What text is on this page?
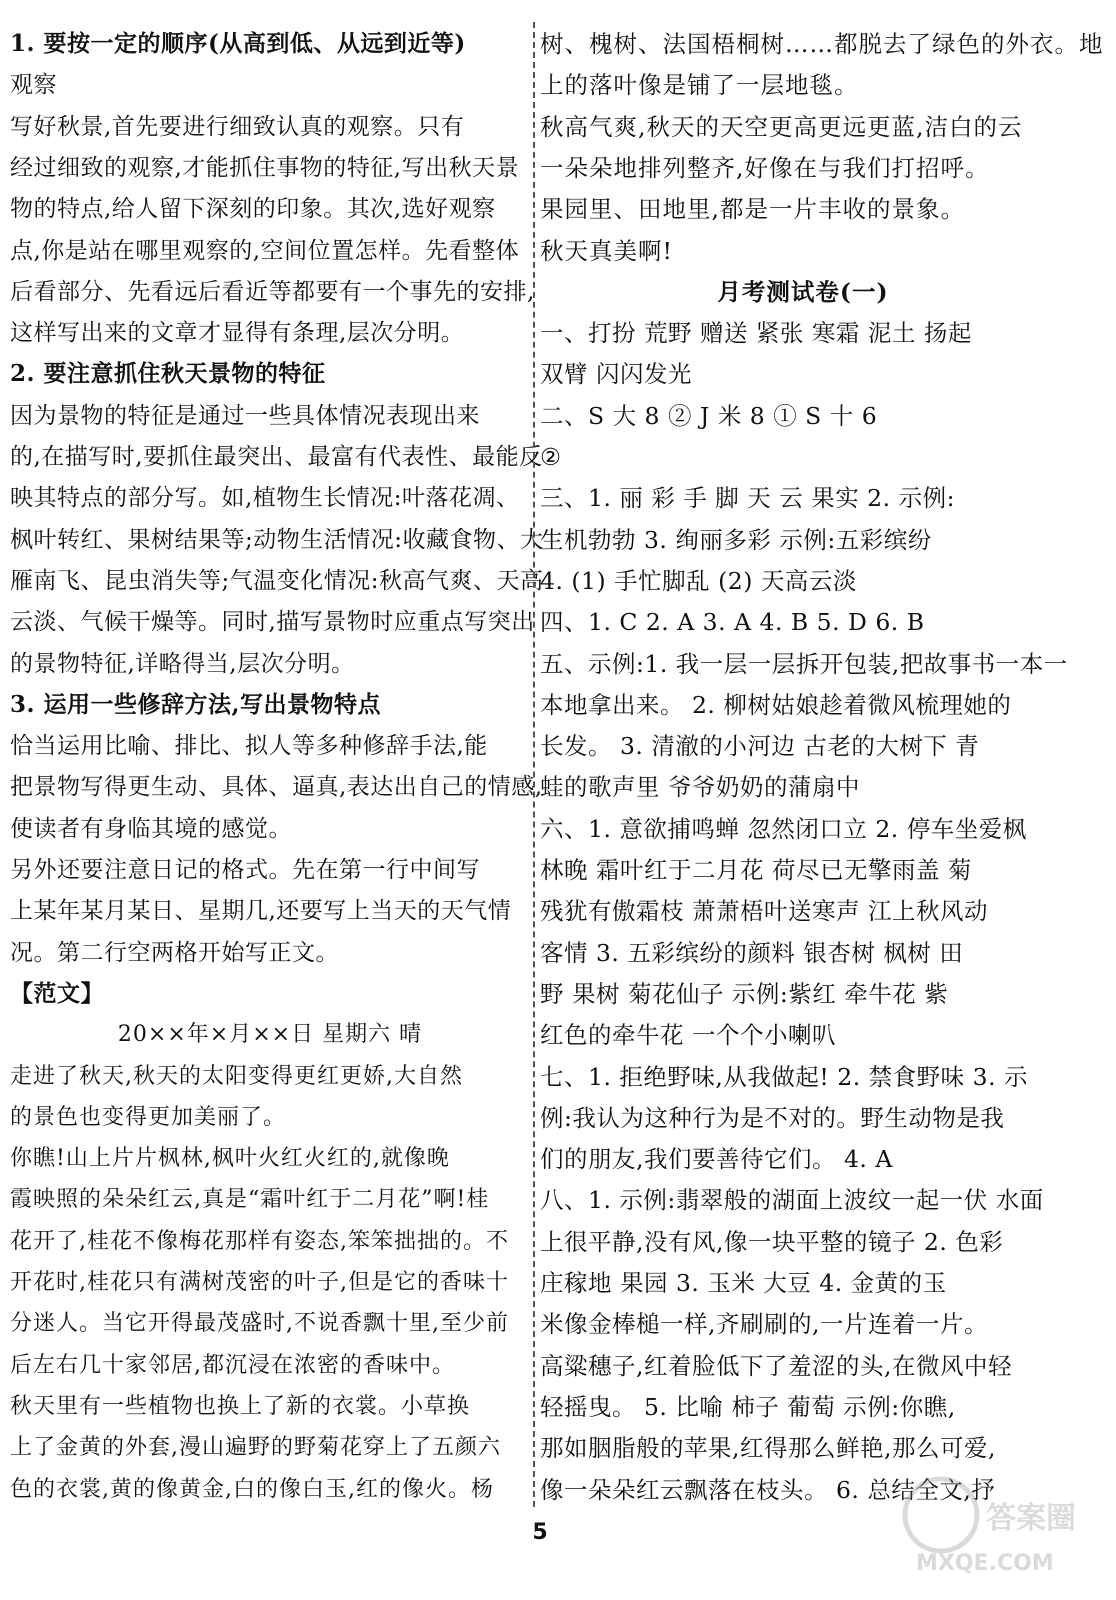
1. 要按一定的顺序(从高到低、从远到近等)
观察
写好秋景,首先要进行细致认真的观察。只有
经过细致的观察,才能抓住事物的特征,写出秋天景
物的特点,给人留下深刻的印象。其次,选好观察
点,你是站在哪里观察的,空间位置怎样。先看整体
后看部分、先看远后看近等都要有一个事先的安排,
这样写出来的文章才显得有条理,层次分明。
2. 要注意抓住秋天景物的特征
因为景物的特征是通过一些具体情况表现出来
的,在描写时,要抓住最突出、最富有代表性、最能反
映其特点的部分写。如,植物生长情况:叶落花凋、
枫叶转红、果树结果等;动物生活情况:收藏食物、大
雁南飞、昆虫消失等;气温变化情况:秋高气爽、天高
云淡、气候干燥等。同时,描写景物时应重点写突出
的景物特征,详略得当,层次分明。
3. 运用一些修辞方法,写出景物特点
恰当运用比喻、排比、拟人等多种修辞手法,能
把景物写得更生动、具体、逼真,表达出自己的情感,
使读者有身临其境的感觉。
另外还要注意日记的格式。先在第一行中间写
上某年某月某日、星期几,还要写上当天的天气情
况。第二行空两格开始写正文。
【范文】
20××年×月××日 星期六 晴
走进了秋天,秋天的太阳变得更红更娇,大自然
的景色也变得更加美丽了。
你瞧!山上片片枫林,枫叶火红火红的,就像晚
霞映照的朵朵红云,真是“霜叶红于二月花”啊!桂
花开了,桂花不像梅花那样有姿态,笨笨拙拙的。不
开花时,桂花只有满树茂密的叶子,但是它的香味十
分迷人。当它开得最茂盛时,不说香飘十里,至少前
后左右几十家邻居,都沉浸在浓密的香味中。
秋天里有一些植物也换上了新的衣裳。小草换
上了金黄的外套,漫山遍野的野菊花穿上了五颜六
色的衣裳,黄的像黄金,白的像白玉,红的像火。杨
树、槐树、法国梧桐树……都脱去了绿色的外衣。地
上的落叶像是铺了一层地毯。
秋高气爽,秋天的天空更高更远更蓝,洁白的云
一朵朵地排列整齐,好像在与我们打招呼。
果园里、田地里,都是一片丰收的景象。
秋天真美啊!
月考测试卷(一)
一、打扮 荒野 赠送 紧张 寒霜 泥土 扬起
双臂 闪闪发光
二、S 大 8 ② J 米 8 ① S 十 6
②
三、1. 丽 彩 手 脚 天 云 果实 2. 示例:
生机勃勃 3. 绚丽多彩 示例:五彩缤纷
4. (1) 手忙脚乱 (2) 天高云淡
四、1. C 2. A 3. A 4. B 5. D 6. B
五、示例:1. 我一层一层拆开包装,把故事书一本一
本地拿出来。 2. 柳树姑娘趁着微风梳理她的
长发。 3. 清澈的小河边 古老的大树下 青
蛙的歌声里 爷爷奶奶的蒲扇中
六、1. 意欲捕鸣蝉 忽然闭口立 2. 停车坐爱枫
林晚 霜叶红于二月花 荷尽已无擎雨盖 菊
残犹有傲霜枝 萧萧梧叶送寒声 江上秋风动
客情 3. 五彩缤纷的颜料 银杏树 枫树 田
野 果树 菊花仙子 示例:紫红 牵牛花 紫
红色的牵牛花 一个个小喇叭
七、1. 拒绝野味,从我做起! 2. 禁食野味 3. 示
例:我认为这种行为是不对的。野生动物是我
们的朋友,我们要善待它们。 4. A
八、1. 示例:翡翠般的湖面上波纹一起一伏 水面
上很平静,没有风,像一块平整的镜子 2. 色彩
庄稼地 果园 3. 玉米 大豆 4. 金黄的玉
米像金棒槌一样,齐刷刷的,一片连着一片。
高粱穗子,红着脸低下了羞涩的头,在微风中轻
轻摇曳。 5. 比喻 柿子 葡萄 示例:你瞧,
那如胭脂般的苹果,红得那么鲜艳,那么可爱,
像一朵朵红云飘落在枝头。 6. 总结全文,抒
5	答案圈
MXQE.COM
